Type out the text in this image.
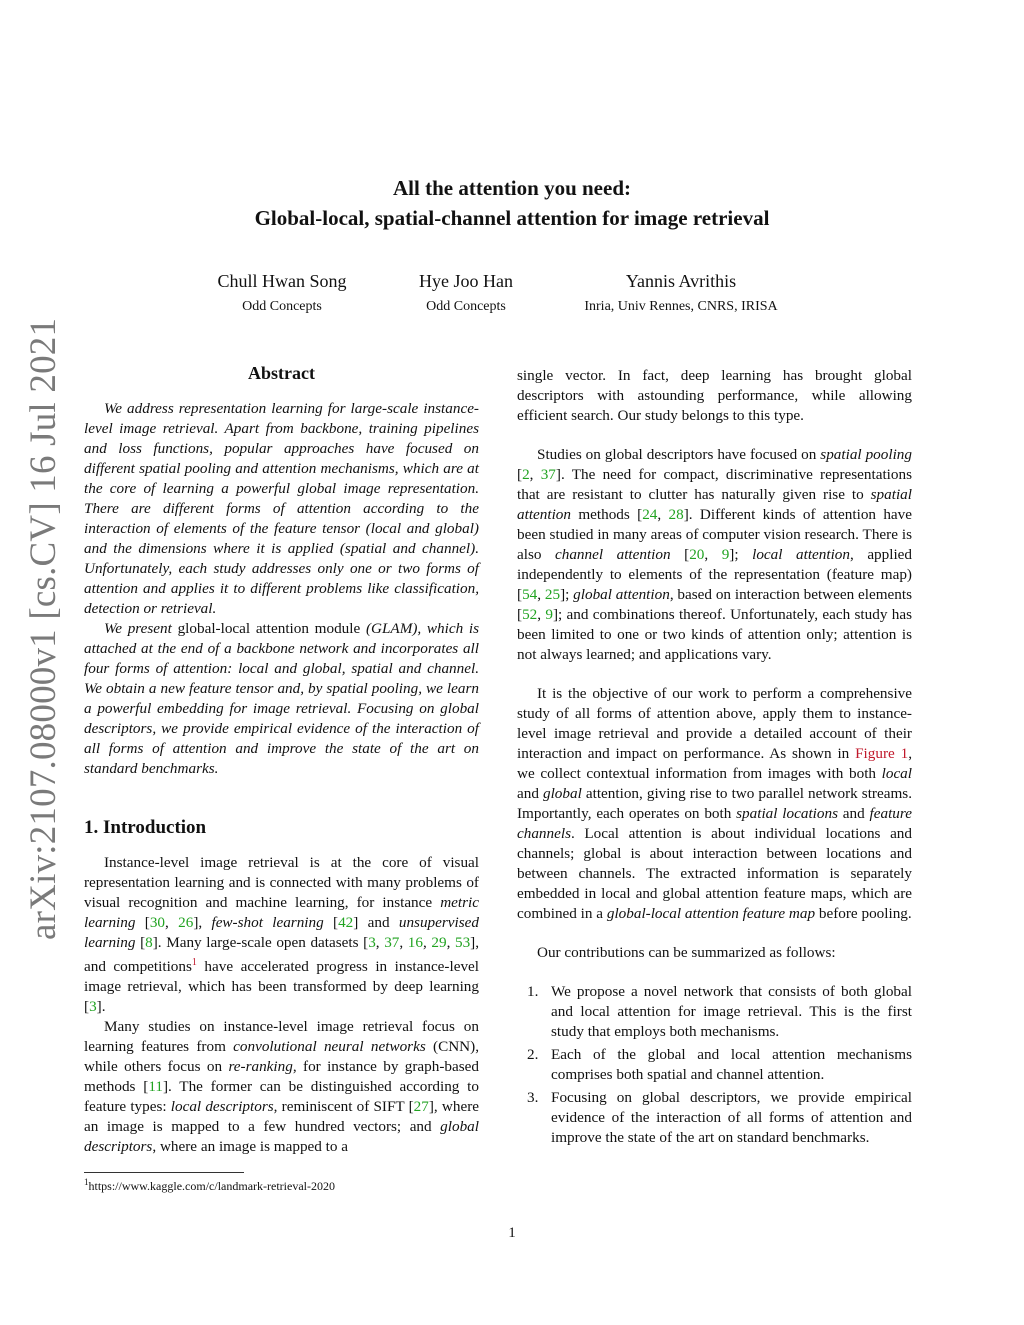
arXiv:2107.08000v1 [cs.CV] 16 Jul 2021
All the attention you need:
Global-local, spatial-channel attention for image retrieval
Chull Hwan Song
Odd Concepts
Hye Joo Han
Odd Concepts
Yannis Avrithis
Inria, Univ Rennes, CNRS, IRISA
Abstract

We address representation learning for large-scale instance-level image retrieval. Apart from backbone, training pipelines and loss functions, popular approaches have focused on different spatial pooling and attention mechanisms, which are at the core of learning a powerful global image representation. There are different forms of attention according to the interaction of elements of the feature tensor (local and global) and the dimensions where it is applied (spatial and channel). Unfortunately, each study addresses only one or two forms of attention and applies it to different problems like classification, detection or retrieval.

We present global-local attention module (GLAM), which is attached at the end of a backbone network and incorporates all four forms of attention: local and global, spatial and channel. We obtain a new feature tensor and, by spatial pooling, we learn a powerful embedding for image retrieval. Focusing on global descriptors, we provide empirical evidence of the interaction of all forms of attention and improve the state of the art on standard benchmarks.

1. Introduction

Instance-level image retrieval is at the core of visual representation learning and is connected with many problems of visual recognition and machine learning, for instance metric learning [30, 26], few-shot learning [42] and unsupervised learning [8]. Many large-scale open datasets [3, 37, 16, 29, 53], and competitions$^1$ have accelerated progress in instance-level image retrieval, which has been transformed by deep learning [3].

Many studies on instance-level image retrieval focus on learning features from convolutional neural networks (CNN), while others focus on re-ranking, for instance by graph-based methods [11]. The former can be distinguished according to feature types: local descriptors, reminiscent of SIFT [27], where an image is mapped to a few hundred vectors; and global descriptors, where an image is mapped to a

single vector. In fact, deep learning has brought global descriptors with astounding performance, while allowing efficient search. Our study belongs to this type.

Studies on global descriptors have focused on spatial pooling [2, 37]. The need for compact, discriminative representations that are resistant to clutter has naturally given rise to spatial attention methods [24, 28]. Different kinds of attention have been studied in many areas of computer vision research. There is also channel attention [20, 9]; local attention, applied independently to elements of the representation (feature map) [54, 25]; global attention, based on interaction between elements [52, 9]; and combinations thereof. Unfortunately, each study has been limited to one or two kinds of attention only; attention is not always learned; and applications vary.

It is the objective of our work to perform a comprehensive study of all forms of attention above, apply them to instance-level image retrieval and provide a detailed account of their interaction and impact on performance. As shown in Figure 1, we collect contextual information from images with both local and global attention, giving rise to two parallel network streams. Importantly, each operates on both spatial locations and feature channels. Local attention is about individual locations and channels; global is about interaction between locations and between channels. The extracted information is separately embedded in local and global attention feature maps, which are combined in a global-local attention feature map before pooling.

Our contributions can be summarized as follows:

1. We propose a novel network that consists of both global and local attention for image retrieval. This is the first study that employs both mechanisms.
2. Each of the global and local attention mechanisms comprises both spatial and channel attention.
3. Focusing on global descriptors, we provide empirical evidence of the interaction of all forms of attention and improve the state of the art on standard benchmarks.
$^1$https://www.kaggle.com/c/landmark-retrieval-2020
1
